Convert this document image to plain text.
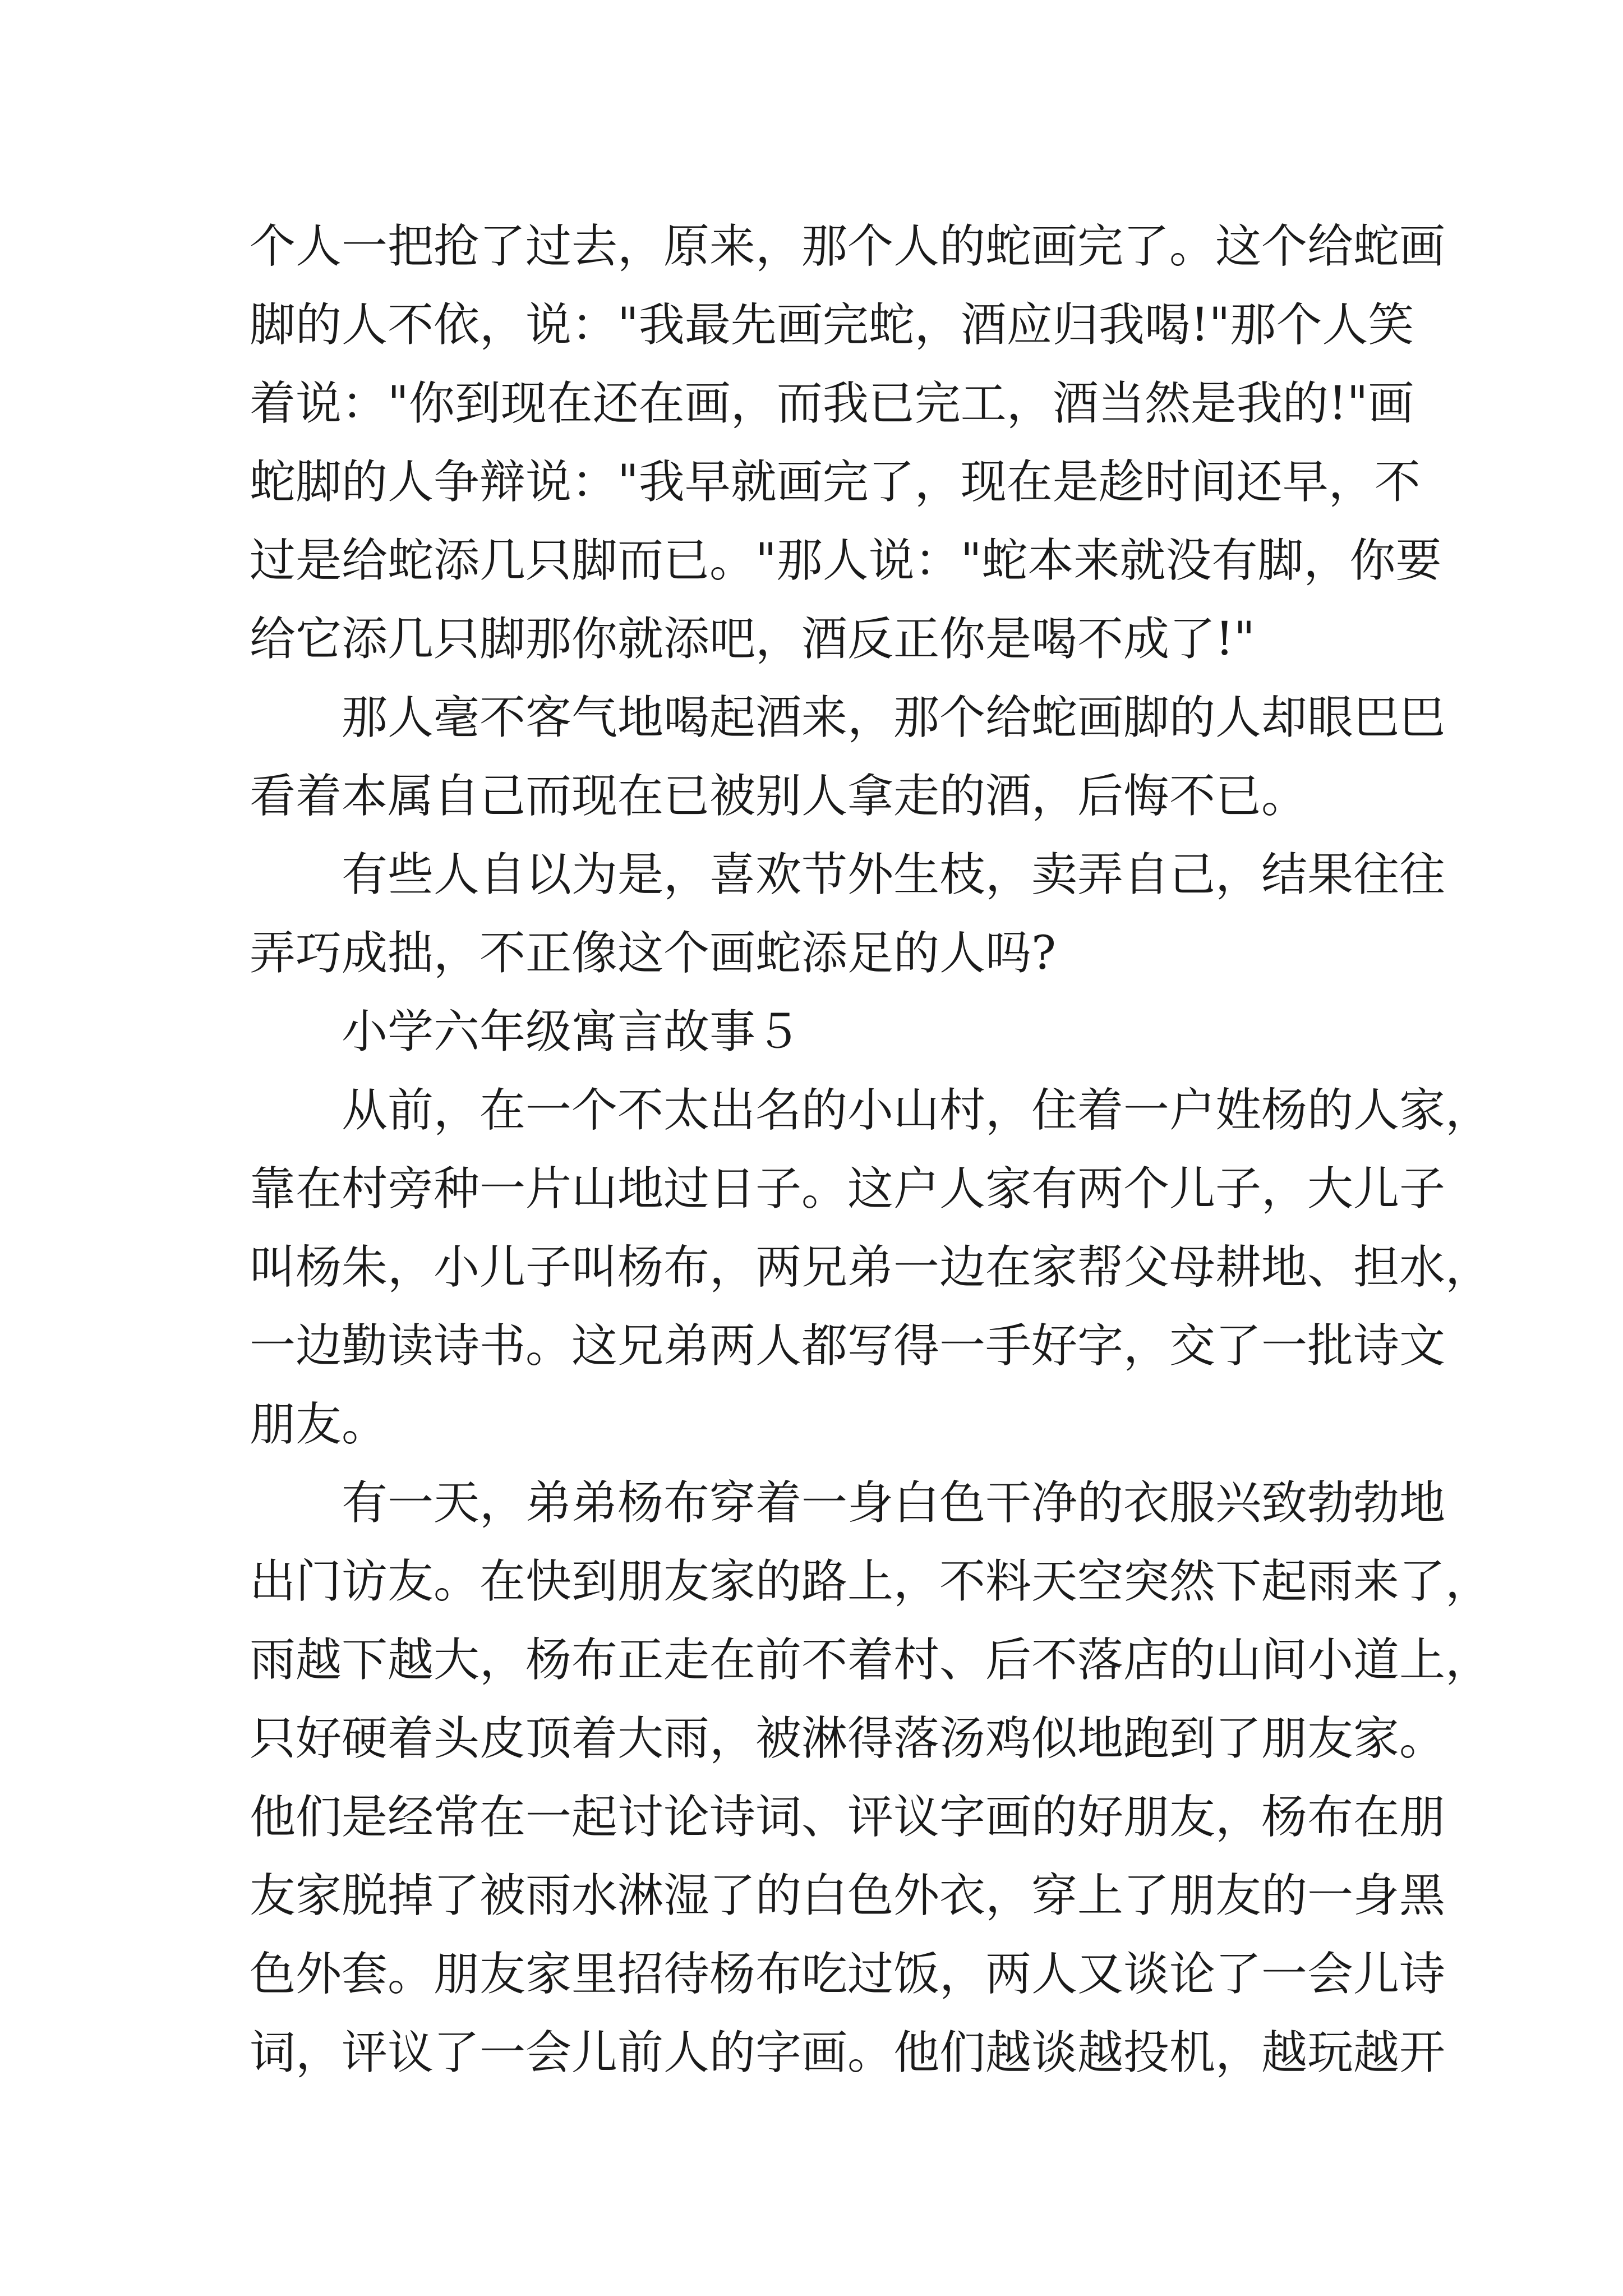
个人一把抢了过去，原来，那个人的蛇画完了。这个给蛇画
脚的人不依，说："我最先画完蛇，酒应归我喝!"那个人笑
着说："你到现在还在画，而我已完工，酒当然是我的!"画
蛇脚的人争辩说："我早就画完了，现在是趁时间还早，不
过是给蛇添几只脚而已。"那人说："蛇本来就没有脚，你要
给它添几只脚那你就添吧，酒反正你是喝不成了!"
那人毫不客气地喝起酒来，那个给蛇画脚的人却眼巴巴
看着本属自己而现在已被别人拿走的酒，后悔不已。
有些人自以为是，喜欢节外生枝，卖弄自己，结果往往
弄巧成拙，不正像这个画蛇添足的人吗?
小学六年级寓言故事５
从前，在一个不太出名的小山村，住着一户姓杨的人家，
靠在村旁种一片山地过日子。这户人家有两个儿子，大儿子
叫杨朱，小儿子叫杨布，两兄弟一边在家帮父母耕地、担水，
一边勤读诗书。这兄弟两人都写得一手好字，交了一批诗文
朋友。
有一天，弟弟杨布穿着一身白色干净的衣服兴致勃勃地
出门访友。在快到朋友家的路上，不料天空突然下起雨来了，
雨越下越大，杨布正走在前不着村、后不落店的山间小道上，
只好硬着头皮顶着大雨，被淋得落汤鸡似地跑到了朋友家。
他们是经常在一起讨论诗词、评议字画的好朋友，杨布在朋
友家脱掉了被雨水淋湿了的白色外衣，穿上了朋友的一身黑
色外套。朋友家里招待杨布吃过饭，两人又谈论了一会儿诗
词，评议了一会儿前人的字画。他们越谈越投机，越玩越开
